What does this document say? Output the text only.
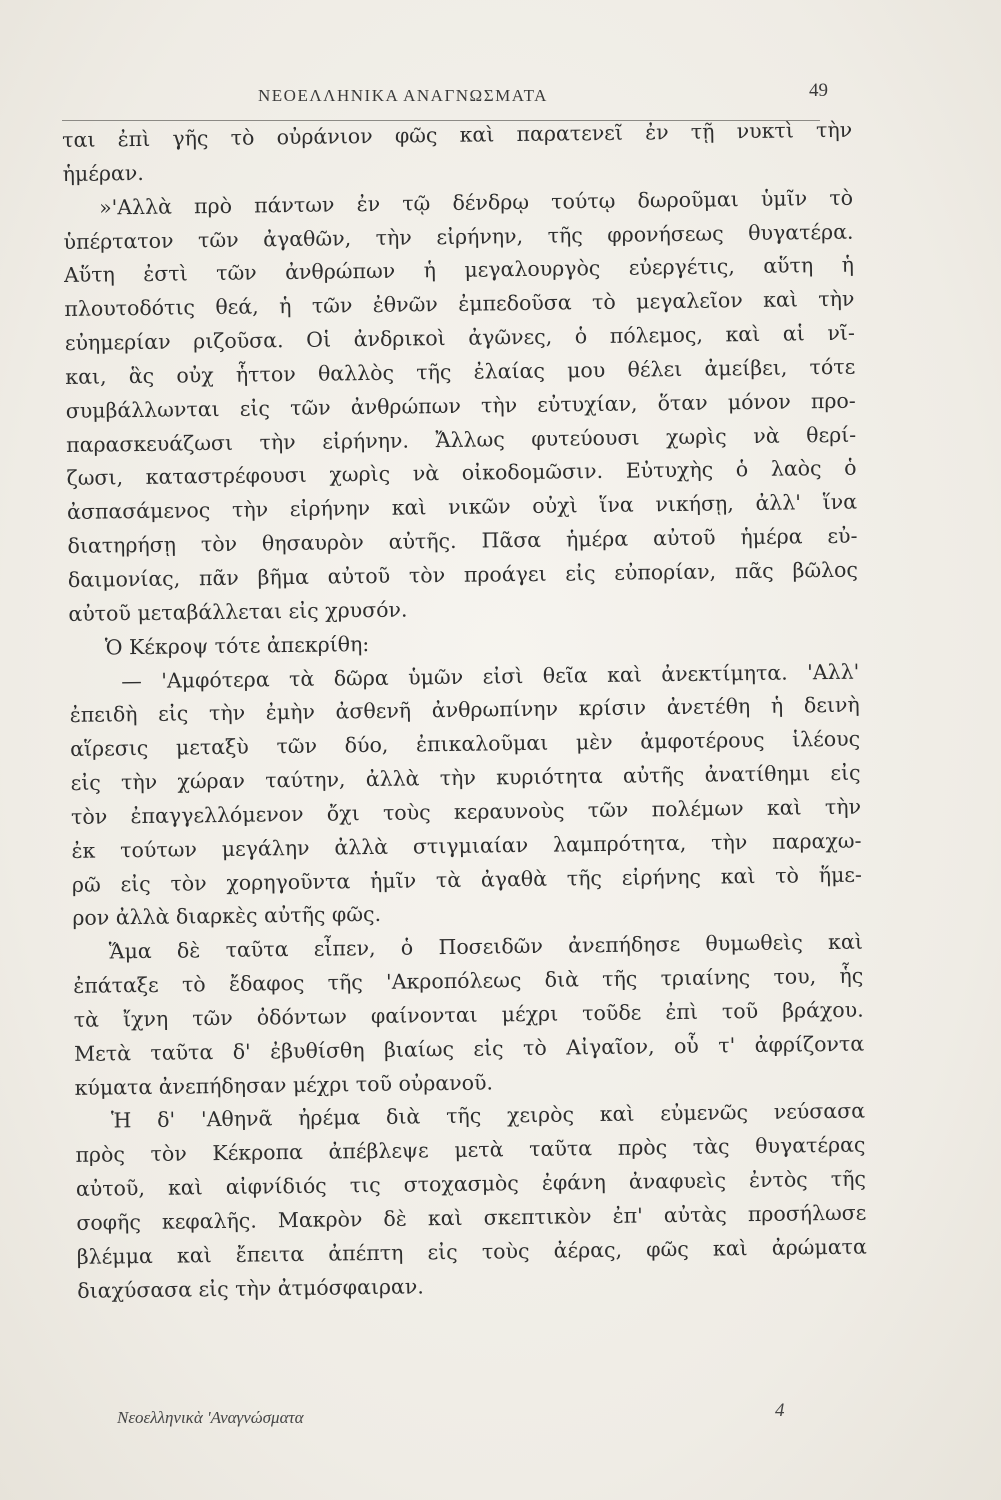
ΝΕΟΕΛΛΗΝΙΚΑ ΑΝΑΓΝΩΣΜΑΤΑ	49
ται ἐπὶ γῆς τὸ οὐράνιον φῶς καὶ παρατενεῖ ἐν τῇ νυκτὶ τὴν
ἡμέραν.
»'Αλλὰ πρὸ πάντων ἐν τῷ δένδρῳ τούτῳ δωροῦμαι ὑμῖν τὸ
ὑπέρτατον τῶν ἀγαθῶν, τὴν εἰρήνην, τῆς φρονήσεως θυγατέρα.
Αὕτη ἐστὶ τῶν ἀνθρώπων ἡ μεγαλουργὸς εὐεργέτις, αὕτη ἡ
πλουτοδότις θεά, ἡ τῶν ἐθνῶν ἐμπεδοῦσα τὸ μεγαλεῖον καὶ τὴν
εὐημερίαν ριζοῦσα. Οἱ ἀνδρικοὶ ἀγῶνες, ὁ πόλεμος, καὶ αἱ νῖ-
και, ἃς οὐχ ἧττον θαλλὸς τῆς ἐλαίας μου θέλει ἀμείβει, τότε
συμβάλλωνται εἰς τῶν ἀνθρώπων τὴν εὐτυχίαν, ὅταν μόνον προ-
παρασκευάζωσι τὴν εἰρήνην. Ἄλλως φυτεύουσι χωρὶς νὰ θερί-
ζωσι, καταστρέφουσι χωρὶς νὰ οἰκοδομῶσιν. Εὐτυχὴς ὁ λαὸς ὁ
ἀσπασάμενος τὴν εἰρήνην καὶ νικῶν οὐχὶ ἵνα νικήσῃ, ἀλλ' ἵνα
διατηρήσῃ τὸν θησαυρὸν αὐτῆς. Πᾶσα ἡμέρα αὐτοῦ ἡμέρα εὐ-
δαιμονίας, πᾶν βῆμα αὐτοῦ τὸν προάγει εἰς εὐπορίαν, πᾶς βῶλος
αὐτοῦ μεταβάλλεται εἰς χρυσόν.
Ὁ Κέκροψ τότε ἀπεκρίθη:
— 'Αμφότερα τὰ δῶρα ὑμῶν εἰσὶ θεῖα καὶ ἀνεκτίμητα. 'Αλλ'
ἐπειδὴ εἰς τὴν ἐμὴν ἀσθενῆ ἀνθρωπίνην κρίσιν ἀνετέθη ἡ δεινὴ
αἵρεσις μεταξὺ τῶν δύο, ἐπικαλοῦμαι μὲν ἀμφοτέρους ἱλέους
εἰς τὴν χώραν ταύτην, ἀλλὰ τὴν κυριότητα αὐτῆς ἀνατίθημι εἰς
τὸν ἐπαγγελλόμενον ὄχι τοὺς κεραυνοὺς τῶν πολέμων καὶ τὴν
ἐκ τούτων μεγάλην ἀλλὰ στιγμιαίαν λαμπρότητα, τὴν παραχω-
ρῶ εἰς τὸν χορηγοῦντα ἡμῖν τὰ ἀγαθὰ τῆς εἰρήνης καὶ τὸ ἥμε-
ρον ἀλλὰ διαρκὲς αὐτῆς φῶς.
Ἅμα δὲ ταῦτα εἶπεν, ὁ Ποσειδῶν ἀνεπήδησε θυμωθεὶς καὶ
ἐπάταξε τὸ ἔδαφος τῆς 'Ακροπόλεως διὰ τῆς τριαίνης του, ἧς
τὰ ἴχνη τῶν ὀδόντων φαίνονται μέχρι τοῦδε ἐπὶ τοῦ βράχου.
Μετὰ ταῦτα δ' ἐβυθίσθη βιαίως εἰς τὸ Αἰγαῖον, οὗ τ' ἀφρίζοντα
κύματα ἀνεπήδησαν μέχρι τοῦ οὐρανοῦ.
Ἡ δ' 'Αθηνᾶ ἠρέμα διὰ τῆς χειρὸς καὶ εὐμενῶς νεύσασα
πρὸς τὸν Κέκροπα ἀπέβλεψε μετὰ ταῦτα πρὸς τὰς θυγατέρας
αὐτοῦ, καὶ αἰφνίδιός τις στοχασμὸς ἐφάνη ἀναφυεὶς ἐντὸς τῆς
σοφῆς κεφαλῆς. Μακρὸν δὲ καὶ σκεπτικὸν ἐπ' αὐτὰς προσήλωσε
βλέμμα καὶ ἔπειτα ἀπέπτη εἰς τοὺς ἀέρας, φῶς καὶ ἀρώματα
διαχύσασα εἰς τὴν ἀτμόσφαιραν.
Νεοελληνικὰ 'Αναγνώσματα	4
